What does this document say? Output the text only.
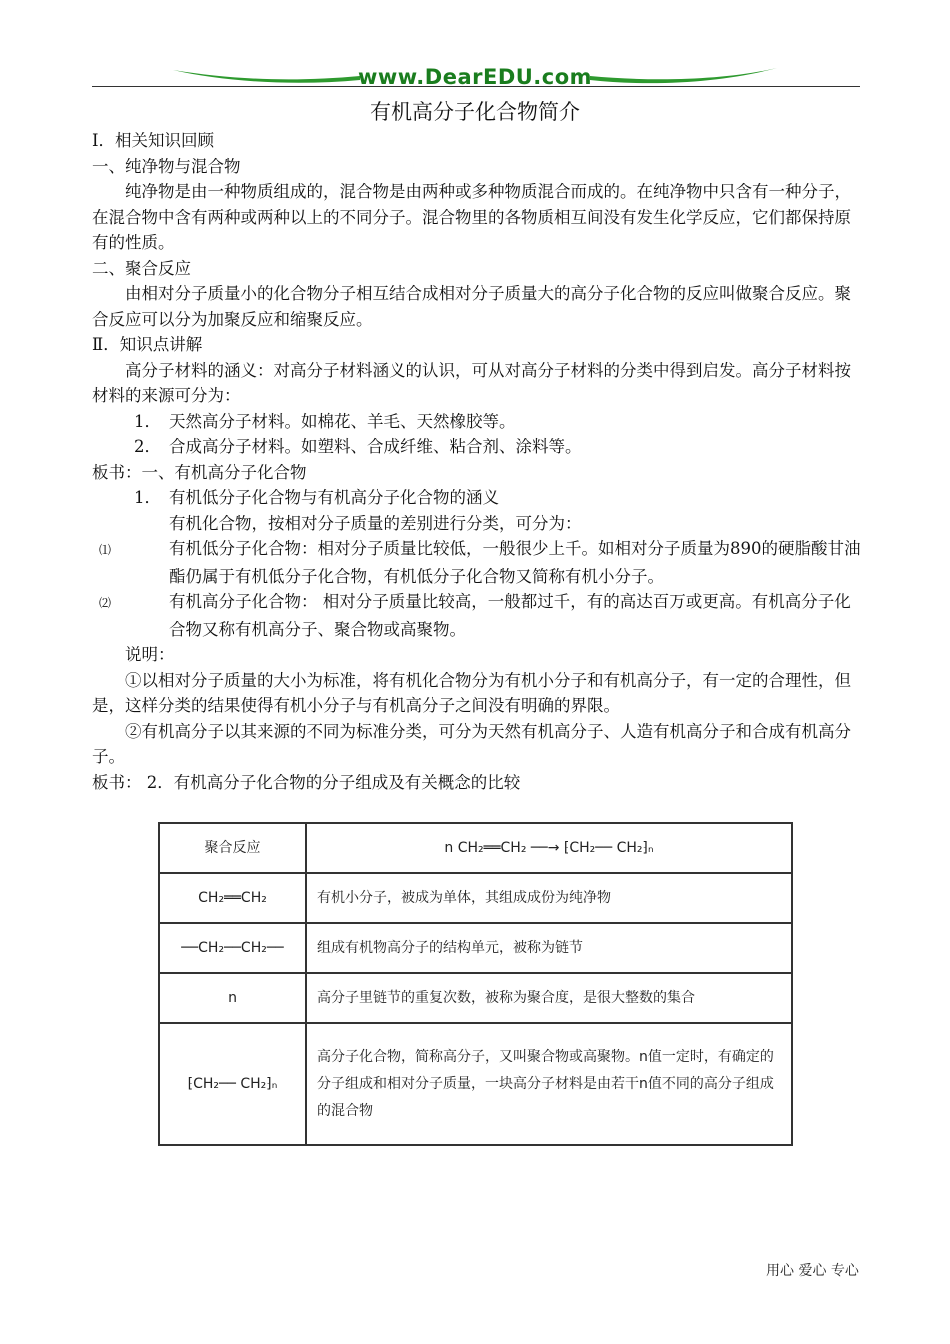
www.DearEDU.com
有机高分子化合物简介

Ⅰ．相关知识回顾

一、纯净物与混合物

纯净物是由一种物质组成的，混合物是由两种或多种物质混合而成的。在纯净物中只含有一种分子，在混合物中含有两种或两种以上的不同分子。混合物里的各物质相互间没有发生化学反应，它们都保持原有的性质。

二、聚合反应

由相对分子质量小的化合物分子相互结合成相对分子质量大的高分子化合物的反应叫做聚合反应。聚合反应可以分为加聚反应和缩聚反应。

Ⅱ．知识点讲解

高分子材料的涵义：对高分子材料涵义的认识，可从对高分子材料的分类中得到启发。高分子材料按材料的来源可分为：

1． 天然高分子材料。如棉花、羊毛、天然橡胶等。

2． 合成高分子材料。如塑料、合成纤维、粘合剂、涂料等。

板书：一、有机高分子化合物

1． 有机低分子化合物与有机高分子化合物的涵义

有机化合物，按相对分子质量的差别进行分类，可分为：

⑴	有机低分子化合物：相对分子质量比较低，一般很少上千。如相对分子质量为890的硬脂酸甘油酯仍属于有机低分子化合物，有机低分子化合物又简称有机小分子。

⑵	有机高分子化合物： 相对分子质量比较高，一般都过千，有的高达百万或更高。有机高分子化合物又称有机高分子、聚合物或高聚物。

说明：

①以相对分子质量的大小为标准，将有机化合物分为有机小分子和有机高分子，有一定的合理性，但是，这样分类的结果使得有机小分子与有机高分子之间没有明确的界限。

②有机高分子以其来源的不同为标准分类，可分为天然有机高分子、人造有机高分子和合成有机高分子。

板书： 2．有机高分子化合物的分子组成及有关概念的比较

聚合反应	n CH₂══CH₂ ──→ ⁅CH₂── CH₂⁆ₙ
CH₂══CH₂	有机小分子，被成为单体，其组成成份为纯净物
──CH₂──CH₂──	组成有机物高分子的结构单元，被称为链节
n	高分子里链节的重复次数，被称为聚合度，是很大整数的集合
⁅CH₂── CH₂⁆ₙ	高分子化合物，简称高分子，又叫聚合物或高聚物。n值一定时，有确定的分子组成和相对分子质量，一块高分子材料是由若干n值不同的高分子组成的混合物
用心 爱心 专心
